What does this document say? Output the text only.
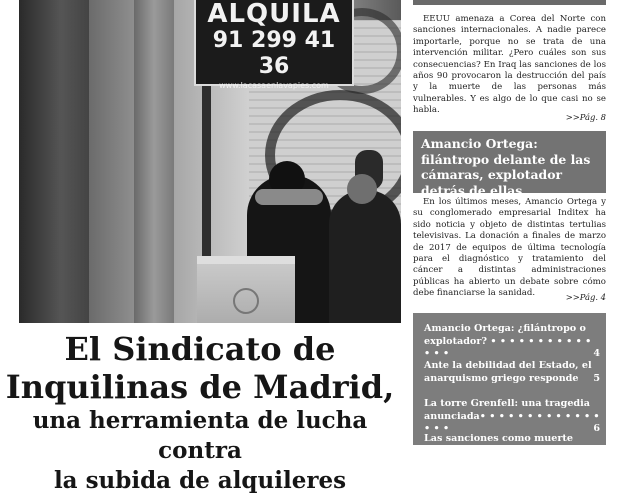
ALQUILA
91 299 41 36
www.lacasaenlavapies.com

El Sindicato de

Inquilinas de Madrid,

una herramienta de lucha contra

la subida de alquileres

EEUU amenaza a Corea del Norte con sanciones internacionales. A nadie parece importarle, porque no se trata de una intervención militar. ¿Pero cuáles son sus consecuencias? En Iraq las sanciones de los años 90 provocaron la destrucción del país y la muerte de las personas más vulnerables. Y es algo de lo que casi no se habla.

>>Pág. 8

Amancio Ortega: filántropo delante de las cámaras, explotador detrás de ellas

En los últimos meses, Amancio Ortega y su conglomerado empresarial Inditex ha sido noticia y objeto de distintas tertulias televisivas. La donación a finales de marzo de 2017 de equipos de última tecnología para el diagnóstico y tratamiento del cáncer a distintas administraciones públicas ha abierto un debate sobre cómo debe financiarse la sanidad.	>>Pág. 4
Amancio Ortega: ¿filántropo o explotador? • • • • • • • • • • • • • •	4
Ante la debilidad del Estado, el anarquismo griego responde 5
La torre Grenfell: una tragedia anunciada• • • • • • • • • • • • • • • •	6
Las sanciones como muerte
